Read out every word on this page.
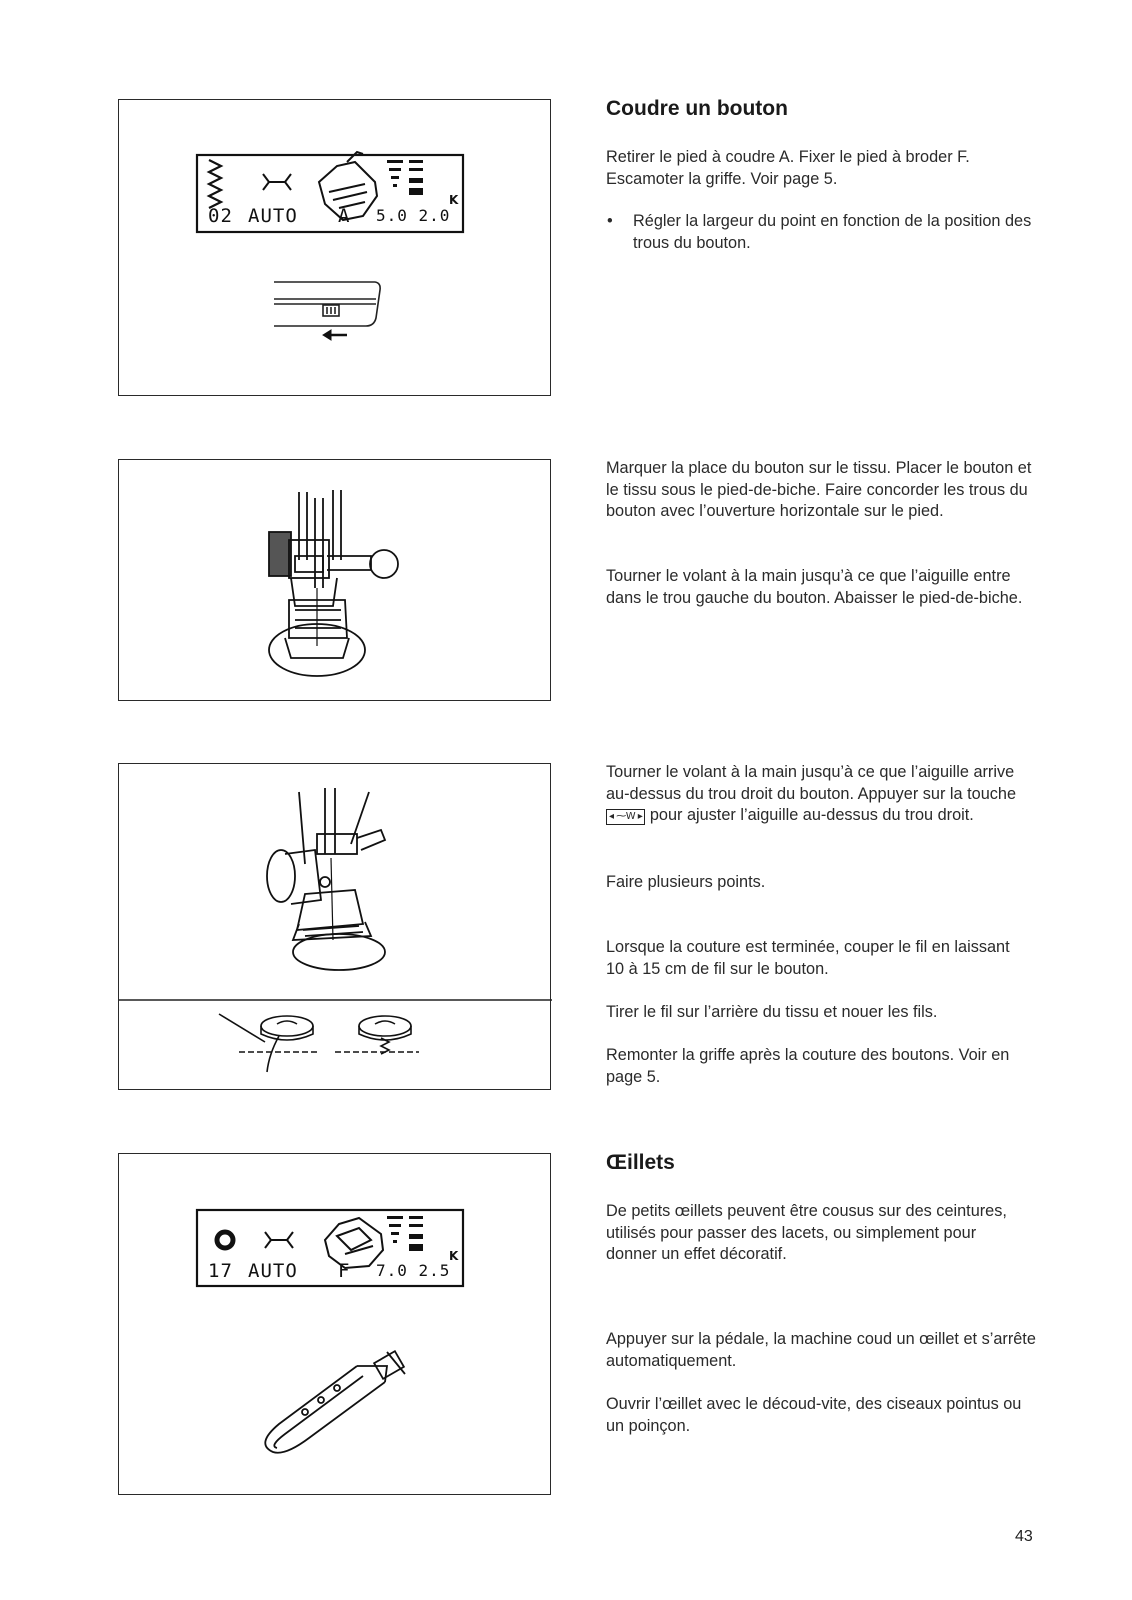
K

02

AUTO

A

5.0 2.0

K

17

AUTO

F

7.0 2.5

Coudre un bouton

Retirer le pied à coudre A. Fixer le pied à broder F. Escamoter la griffe. Voir page 5.

• Régler la largeur du point en fonction de la position des trous du bouton.

Marquer la place du bouton sur le tissu. Placer le bouton et le tissu sous le pied-de-biche. Faire concorder les trous du bouton avec l’ouverture horizontale sur le pied.

Tourner le volant à la main jusqu’à ce que l’aiguille entre dans le trou gauche du bouton. Abaisser le pied-de-biche.

Tourner le volant à la main jusqu’à ce que l’aiguille arrive au-dessus du trou droit du bouton. Appuyer sur la touche ◂ ⁓W ▸ pour ajuster l’aiguille au-dessus du trou droit.

Faire plusieurs points.

Lorsque la couture est terminée, couper le fil en laissant 10 à 15 cm de fil sur le bouton.

Tirer le fil sur l’arrière du tissu et nouer les fils.

Remonter la griffe après la couture des boutons. Voir en page 5.

Œillets

De petits œillets peuvent être cousus sur des ceintures, utilisés pour passer des lacets, ou simplement pour donner un effet décoratif.

Appuyer sur la pédale, la machine coud un œillet et s’arrête automatiquement.

Ouvrir l’œillet avec le découd-vite, des ciseaux pointus ou un poinçon.

43
